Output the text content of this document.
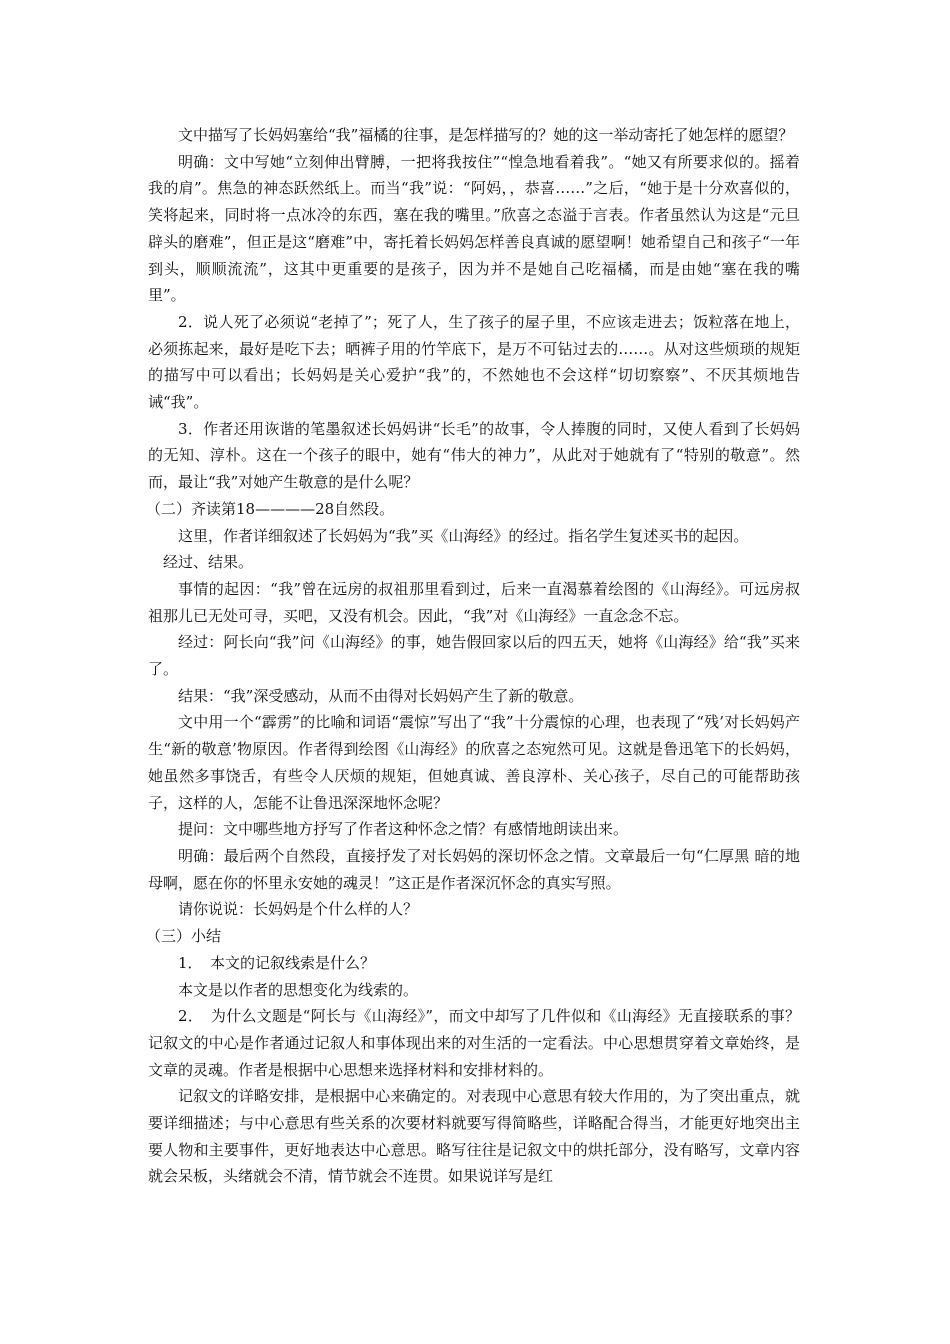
文中描写了长妈妈塞给“我”福橘的往事，是怎样描写的？她的这一举动寄托了她怎样的愿望？

明确：文中写她“立刻伸出臂膊，一把将我按住”“惶急地看着我”。“她又有所要求似的。摇着我的肩”。焦急的神态跃然纸上。而当“我”说：“阿妈，，恭喜……”之后，“她于是十分欢喜似的，笑将起来，同时将一点冰冷的东西，塞在我的嘴里。”欣喜之态溢于言表。作者虽然认为这是“元旦辟头的磨难”，但正是这“磨难”中，寄托着长妈妈怎样善良真诚的愿望啊！她希望自己和孩子“一年到头，顺顺流流”，这其中更重要的是孩子，因为并不是她自己吃福橘，而是由她“塞在我的嘴里”。

2．说人死了必须说“老掉了”；死了人，生了孩子的屋子里，不应该走进去；饭粒落在地上，必须拣起来，最好是吃下去；晒裤子用的竹竿底下，是万不可钻过去的……。从对这些烦琐的规矩的描写中可以看出；长妈妈是关心爱护“我”的，不然她也不会这样“切切察察”、不厌其烦地告诫“我”。

3．作者还用诙谐的笔墨叙述长妈妈讲“长毛”的故事，令人捧腹的同时，又使人看到了长妈妈的无知、淳朴。这在一个孩子的眼中，她有“伟大的神力”，从此对于她就有了“特别的敬意”。然而，最让“我”对她产生敬意的是什么呢？

（二）齐读第18————28自然段。

这里，作者详细叙述了长妈妈为“我”买《山海经》的经过。指名学生复述买书的起因。

经过、结果。

事情的起因：“我”曾在远房的叔祖那里看到过，后来一直渴慕着绘图的《山海经》。可远房叔祖那儿已无处可寻，买吧，又没有机会。因此，“我”对《山海经》一直念念不忘。

经过：阿长向“我”问《山海经》的事，她告假回家以后的四五天，她将《山海经》给“我”买来了。

结果：“我”深受感动，从而不由得对长妈妈产生了新的敬意。

文中用一个“霹雳”的比喻和词语“震惊”写出了“我”十分震惊的心理，也表现了“残’对长妈妈产生“新的敬意’物原因。作者得到绘图《山海经》的欣喜之态宛然可见。这就是鲁迅笔下的长妈妈，她虽然多事饶舌，有些令人厌烦的规矩，但她真诚、善良淳朴、关心孩子，尽自己的可能帮助孩子，这样的人，怎能不让鲁迅深深地怀念呢？

提问：文中哪些地方抒写了作者这种怀念之情？有感情地朗读出来。

明确：最后两个自然段，直接抒发了对长妈妈的深切怀念之情。文章最后一句“仁厚黑 暗的地母啊，愿在你的怀里永安她的魂灵！”这正是作者深沉怀念的真实写照。

请你说说：长妈妈是个什么样的人？

（三）小结

1．　本文的记叙线索是什么？

本文是以作者的思想变化为线索的。

2．　为什么文题是“阿长与《山海经》”，而文中却写了几件似和《山海经》无直接联系的事？记叙文的中心是作者通过记叙人和事体现出来的对生活的一定看法。中心思想贯穿着文章始终，是文章的灵魂。作者是根据中心思想来选择材料和安排材料的。

记叙文的详略安排，是根据中心来确定的。对表现中心意思有较大作用的，为了突出重点，就要详细描述；与中心意思有些关系的次要材料就要写得简略些，详略配合得当，才能更好地突出主要人物和主要事件，更好地表达中心意思。略写往往是记叙文中的烘托部分，没有略写，文章内容就会呆板，头绪就会不清，情节就会不连贯。如果说详写是红
